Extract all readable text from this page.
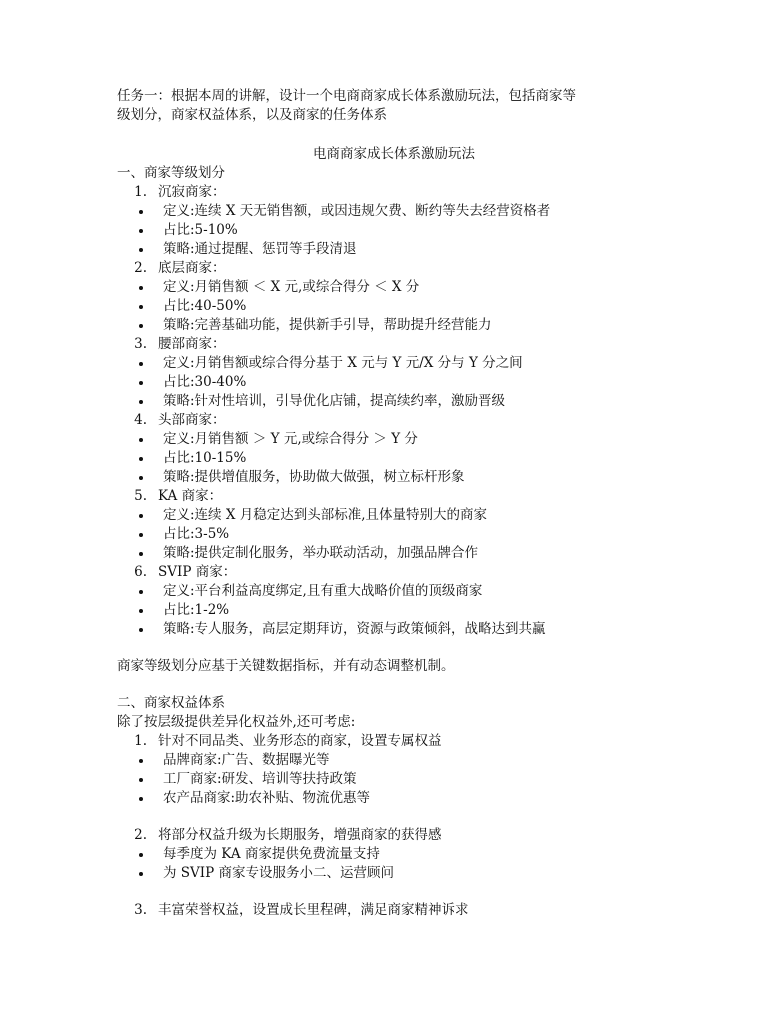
任务一：根据本周的讲解，设计一个电商商家成长体系激励玩法，包括商家等

级划分，商家权益体系，以及商家的任务体系

电商商家成长体系激励玩法

一、商家等级划分

1. 沉寂商家：
定义:连续 X 天无销售额，或因违规欠费、断约等失去经营资格者
占比:5-10%
策略:通过提醒、惩罚等手段清退
2. 底层商家：
定义:月销售额 ＜ X 元,或综合得分 ＜ X 分
占比:40-50%
策略:完善基础功能，提供新手引导，帮助提升经营能力
3. 腰部商家：
定义:月销售额或综合得分基于 X 元与 Y 元/X 分与 Y 分之间
占比:30-40%
策略:针对性培训，引导优化店铺，提高续约率，激励晋级
4. 头部商家：
定义:月销售额 ＞ Y 元,或综合得分 ＞ Y 分
占比:10-15%
策略:提供增值服务，协助做大做强，树立标杆形象
5. KA 商家：
定义:连续 X 月稳定达到头部标准,且体量特别大的商家
占比:3-5%
策略:提供定制化服务，举办联动活动，加强品牌合作
6. SVIP 商家：
定义:平台利益高度绑定,且有重大战略价值的顶级商家
占比:1-2%
策略:专人服务，高层定期拜访，资源与政策倾斜，战略达到共赢

商家等级划分应基于关键数据指标，并有动态调整机制。

二、商家权益体系

除了按层级提供差异化权益外,还可考虑:

1. 针对不同品类、业务形态的商家，设置专属权益
品牌商家:广告、数据曝光等
工厂商家:研发、培训等扶持政策
农产品商家:助农补贴、物流优惠等
2. 将部分权益升级为长期服务，增强商家的获得感
每季度为 KA 商家提供免费流量支持
为 SVIP 商家专设服务小二、运营顾问
3. 丰富荣誉权益，设置成长里程碑，满足商家精神诉求
